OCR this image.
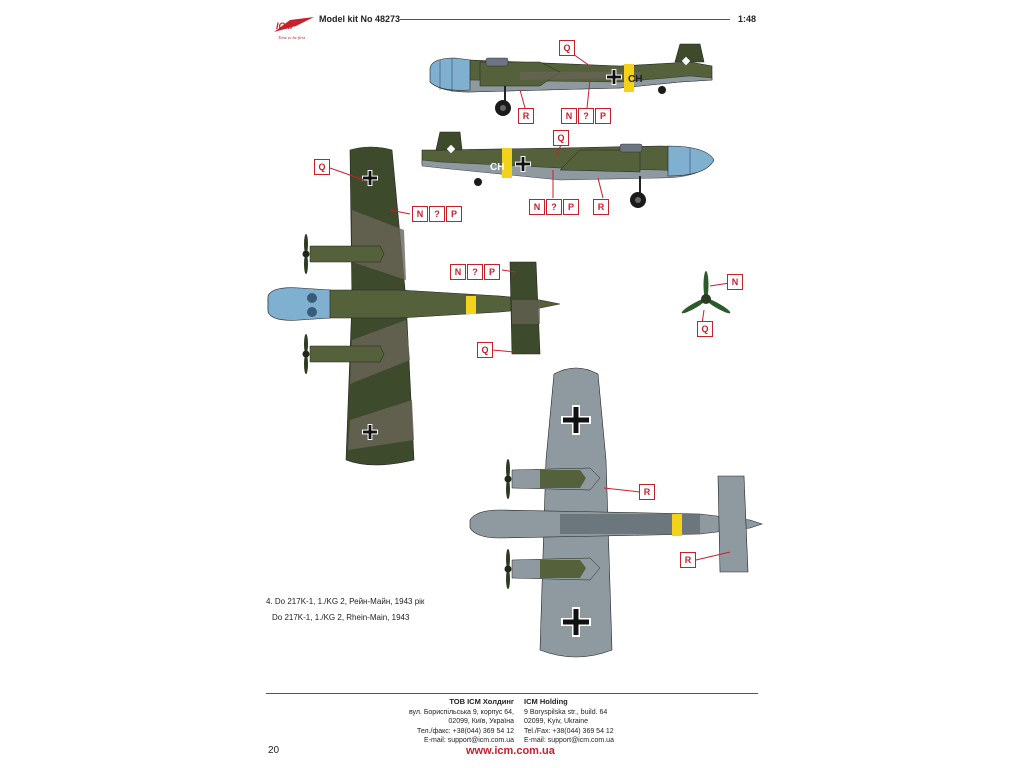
ICM
Time to be first
Model kit No 48273	1:48
CH
CH
Q
R	N	?	P
Q
N	?	P	R
Q
N	?	P
N	?	P
Q
N
Q
R
R
4. Do 217K-1, 1./KG 2, Рейн-Майн, 1943 рік
Do 217K-1, 1./KG 2, Rhein-Main, 1943
ТОВ ICM Холдинг
вул. Бориспільська 9, корпус 64,
02099, Київ, Україна
Тел./факс: +38(044) 369 54 12
E-mail: support@icm.com.ua
ICM Holding
9 Boryspilska str., build. 64
02099, Kyiv, Ukraine
Tel./Fax: +38(044) 369 54 12
E-mail: support@icm.com.ua
20	www.icm.com.ua
